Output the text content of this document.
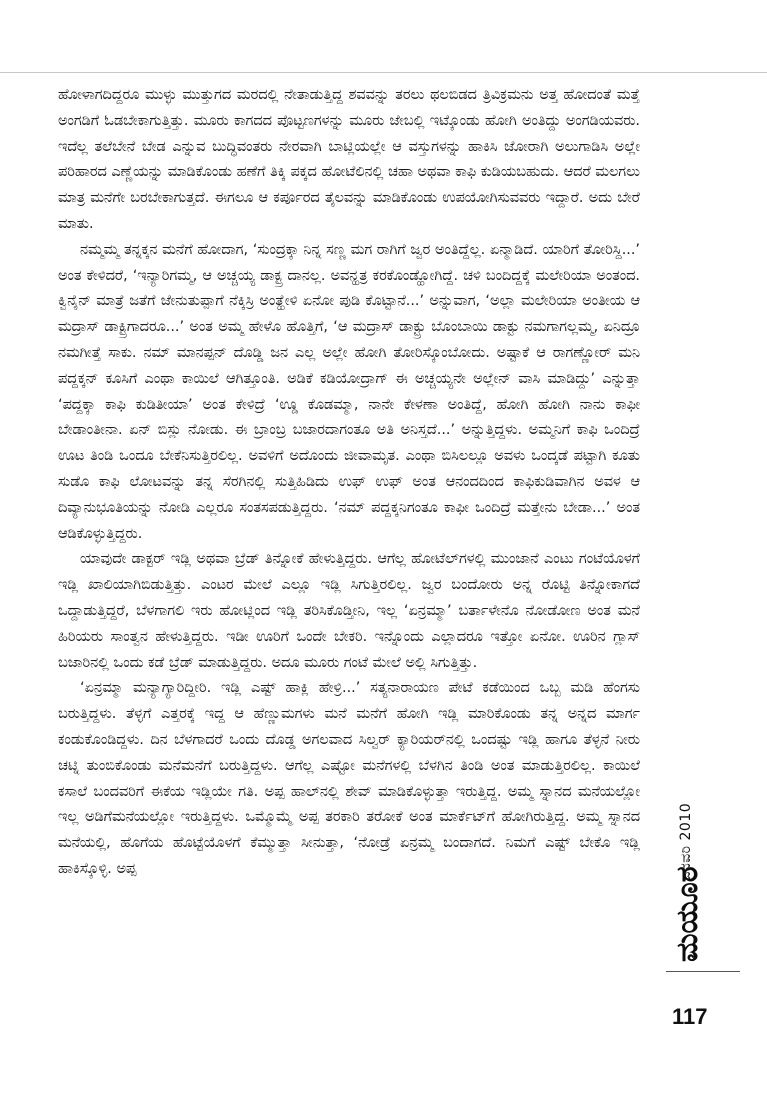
ಹೋಳಾಗದಿದ್ದರೂ ಮುಳ್ಳು ಮುತ್ತುಗದ ಮರದಲ್ಲಿ ನೇತಾಡುತ್ತಿದ್ದ ಶವವನ್ನು ತರಲು ಥಲಬಿಡದ ತ್ರಿವಿಕ್ರಮನು ಅತ್ತ ಹೋದಂತೆ ಮತ್ತೆ ಅಂಗಡಿಗೆ ಓಡಬೇಕಾಗುತ್ತಿತ್ತು. ಮೂರು ಕಾಗದದ ಪೊಟ್ಟಣಗಳನ್ನು ಮೂರು ಜೇಬಲ್ಲಿ ಇಟ್ಕೊಂಡು ಹೋಗಿ ಅಂತಿದ್ದು ಅಂಗಡಿಯವರು. ಇದೆಲ್ಲ ತಲೆಬೇನೆ ಬೇಡ ಎನ್ನುವ ಬುದ್ಧಿವಂತರು ನೇರವಾಗಿ ಬಾಟ್ಲಿಯಲ್ಲೇ ಆ ವಸ್ತುಗಳನ್ನು ಹಾಕಿಸಿ ಜೋರಾಗಿ ಅಲುಗಾಡಿಸಿ ಅಲ್ಲೇ ಪರಿಹಾರದ ಎಣ್ಣೆಯನ್ನು ಮಾಡಿಕೊಂಡು ಹಣೆಗೆ ತಿಕ್ಕಿ ಪಕ್ಕದ ಹೋಟೆಲಿನಲ್ಲಿ ಚಹಾ ಅಥವಾ ಕಾಫಿ ಕುಡಿಯಬಹುದು. ಆದರೆ ಮಲಗಲು ಮಾತ್ರ ಮನೆಗೇ ಬರಬೇಕಾಗುತ್ತದೆ. ಈಗಲೂ ಆ ಕರ್ಪೂರದ ತೈಲವನ್ನು ಮಾಡಿಕೊಂಡು ಉಪಯೋಗಿಸುವವರು ಇದ್ದಾರೆ. ಅದು ಬೇರೆ ಮಾತು.

ನಮ್ಮಮ್ಮ ತನ್ನಕ್ಕನ ಮನೆಗೆ ಹೋದಾಗ, ‘ಸುಂದ್ರಕ್ಕಾ ನಿನ್ನ ಸಣ್ಣ ಮಗ ರಾಗಿಗೆ ಜ್ವರ ಅಂತಿದ್ದೆಲ್ಲ. ಏನ್ಮಾಡಿದೆ. ಯಾರಿಗೆ ತೋರಿಸ್ದಿ...’ ಅಂತ ಕೇಳಿದರೆ, ‘ಇನ್ಯಾರಿಗಮ್ಮ, ಆ ಅಚ್ಚಯ್ಯ ಡಾಕ್ಟ್ರ ದಾನಲ್ಲ. ಅವನ್ಹತ್ರ ಕರಕೊಂಡ್ಹೋಗಿದ್ದೆ. ಚಳಿ ಬಂದಿದ್ದಕ್ಕೆ ಮಲೇರಿಯಾ ಅಂತಂದ. ಕ್ವಿನೈನ್ ಮಾತ್ರೆ ಜತೆಗೆ ಜೇನುತುಪ್ಪಾಗೆ ನೆಕ್ಕಿಸ್ರಿ ಅಂತ್ಹೇಳಿ ಏನೋ ಪುಡಿ ಕೊಟ್ಟಾನೆ...’ ಅನ್ನುವಾಗ, ‘ಅಲ್ಲಾ ಮಲೇರಿಯಾ ಅಂತೀಯ ಆ ಮದ್ರಾಸ್ ಡಾಕ್ಟ್ರಿಗಾದರೂ...’ ಅಂತ ಅಮ್ಮ ಹೇಳೊ ಹೊತ್ತಿಗೆ, ‘ಆ ಮದ್ರಾಸ್ ಡಾಕ್ಟ್ರು ಬೊಂಬಾಯಿ ಡಾಕ್ಟು ನಮಗಾಗಲ್ಲಮ್ಮ, ಏನಿದ್ರೂ ನಮಗೀತ್ತೆ ಸಾಕು. ನಮ್ ಮಾನಪ್ಪನ್ ದೊಡ್ಡಿ ಜನ ಎಲ್ಲ ಅಲ್ಲೇ ಹೋಗಿ ತೋರಿಸ್ಕೊಂಬೋದು. ಅಷ್ಟಾಕೆ ಆ ರಾಗಣ್ಣೋರ್ ಮನಿ ಪದ್ದಕ್ಕನ್ ಕೂಸಿಗೆ ಎಂಥಾ ಕಾಯಿಲೆ ಆಗಿತ್ತೂಂತಿ. ಅಡಿಕೆ ಕಡಿಯೋದ್ರಾಗ್ ಈ ಅಚ್ಚಯ್ಯನೇ ಅಲ್ಲೇನ್ ವಾಸಿ ಮಾಡಿದ್ದು’ ಎನ್ನುತ್ತಾ ‘ಪದ್ದಕ್ಕಾ ಕಾಫಿ ಕುಡಿತೀಯಾ’ ಅಂತ ಕೇಳಿದ್ರೆ ‘ಊ್ಡ ಕೊಡಮ್ಮಾ, ನಾನೇ ಕೇಳಣಾ ಅಂತಿದ್ದೆ, ಹೋಗಿ ಹೋಗಿ ನಾನು ಕಾಫೀ ಬೇಡಾಂತೀನಾ. ಏನ್ ಬಿಸ್ಲು ನೋಡು. ಈ ಬ್ರಾಂಬ್ರ ಬಜಾರದಾಗಂತೂ ಅತಿ ಅನಿಸ್ತದೆ...’ ಅನ್ನುತ್ತಿದ್ದಳು. ಅಮ್ಮನಿಗೆ ಕಾಫಿ ಒಂದಿದ್ರೆ ಊಟ ತಿಂಡಿ ಒಂದೂ ಬೇಕೆನಿಸುತ್ತಿರಲಿಲ್ಲ. ಅವಳಿಗೆ ಅದೊಂದು ಜೀವಾಮೃತ. ಎಂಥಾ ಬಿಸಿಲಲ್ಲೂ ಅವಳು ಒಂದ್ಕಡೆ ಪಟ್ಟಾಗಿ ಕೂತು ಸುಡೊ ಕಾಫಿ ಲೋಟವನ್ನು ತನ್ನ ಸೆರಗಿನಲ್ಲಿ ಸುತ್ತಿಹಿಡಿದು ಉಫ್ ಉಫ್ ಅಂತ ಆನಂದದಿಂದ ಕಾಫಿಕುಡಿವಾಗಿನ ಅವಳ ಆ ದಿವ್ಯಾನುಭೂತಿಯನ್ನು ನೋಡಿ ಎಲ್ಲರೂ ಸಂತಸಪಡುತ್ತಿದ್ದರು. ‘ನಮ್ ಪದ್ದಕ್ಕನಿಗಂತೂ ಕಾಫೀ ಒಂದಿದ್ರೆ ಮತ್ತೇನು ಬೇಡಾ...’ ಅಂತ ಆಡಿಕೊಳ್ಳುತ್ತಿದ್ದರು.

ಯಾವುದೇ ಡಾಕ್ಟರ್ ಇಡ್ಲಿ ಅಥವಾ ಬ್ರೆಡ್ ತಿನ್ನೋಕೆ ಹೇಳುತ್ತಿದ್ದರು. ಆಗೆಲ್ಲ ಹೋಟೆಲ್‌ಗಳಲ್ಲಿ ಮುಂಜಾನೆ ಎಂಟು ಗಂಟೆಯೊಳಗೆ ಇಡ್ಲಿ ಖಾಲಿಯಾಗಿಬಿಡುತ್ತಿತ್ತು. ಎಂಟರ ಮೇಲೆ ಎಲ್ಲೂ ಇಡ್ಲಿ ಸಿಗುತ್ತಿರಲಿಲ್ಲ. ಜ್ವರ ಬಂದೋರು ಅನ್ನ ರೊಟ್ಟಿ ತಿನ್ನೋಕಾಗದೆ ಒದ್ದಾಡುತ್ತಿದ್ದರೆ, ಬೆಳಗಾಗಲಿ ಇರು ಹೋಟ್ಲಿಂದ ಇಡ್ಲಿ ತರಿಸಿಕೊಡ್ತೀನಿ, ಇಲ್ಲ ‘ಏನ್ರಮ್ಮಾ’ ಬರ್ತಾಳೇನೊ ನೋಡೋಣ ಅಂತ ಮನೆ ಹಿರಿಯರು ಸಾಂತ್ವನ ಹೇಳುತ್ತಿದ್ದರು. ಇಡೀ ಊರಿಗೆ ಒಂದೇ ಬೇಕರಿ. ಇನ್ನೊಂದು ಎಲ್ಲಾದರೂ ಇತ್ತೋ ಏನೋ. ಊರಿನ ಗ್ಲಾಸ್ ಬಜಾರಿನಲ್ಲಿ ಒಂದು ಕಡೆ ಬ್ರೆಡ್ ಮಾಡುತ್ತಿದ್ದರು. ಅದೂ ಮೂರು ಗಂಟೆ ಮೇಲೆ ಅಲ್ಲಿ ಸಿಗುತ್ತಿತ್ತು.

‘ಏನ್ರಮ್ಮಾ ಮನ್ಯಾಗ್ಯಾರಿದ್ದೀರಿ. ಇಡ್ಲಿ ಎಷ್ಟ್ ಹಾಕ್ಲಿ ಹೇಳ್ರಿ...’ ಸತ್ಯನಾರಾಯಣ ಪೇಟೆ ಕಡೆಯಿಂದ ಒಬ್ಬ ಮಡಿ ಹೆಂಗಸು ಬರುತ್ತಿದ್ದಳು. ತೆಳ್ಳಗೆ ಎತ್ತರಕ್ಕೆ ಇದ್ದ ಆ ಹೆಣ್ಣುಮಗಳು ಮನೆ ಮನೆಗೆ ಹೋಗಿ ಇಡ್ಲಿ ಮಾರಿಕೊಂಡು ತನ್ನ ಅನ್ನದ ಮಾರ್ಗ ಕಂಡುಕೊಂಡಿದ್ದಳು. ದಿನ ಬೆಳಗಾದರೆ ಒಂದು ದೊಡ್ಡ ಅಗಲವಾದ ಸಿಲ್ವರ್ ಕ್ಯಾರಿಯರ್‌ನಲ್ಲಿ ಒಂದಷ್ಟು ಇಡ್ಲಿ ಹಾಗೂ ತೆಳ್ಳನೆ ನೀರು ಚಟ್ನಿ ತುಂಬಿಕೊಂಡು ಮನೆಮನೆಗೆ ಬರುತ್ತಿದ್ದಳು. ಆಗೆಲ್ಲ ಎಷ್ಟೋ ಮನೆಗಳಲ್ಲಿ ಬೆಳಗಿನ ತಿಂಡಿ ಅಂತ ಮಾಡುತ್ತಿರಲಿಲ್ಲ. ಕಾಯಿಲೆ ಕಸಾಲೆ ಬಂದವರಿಗೆ ಈಕೆಯ ಇಡ್ಲಿಯೇ ಗತಿ. ಅಪ್ಪ ಹಾಲ್‌ನಲ್ಲಿ ಶೇವ್ ಮಾಡಿಕೊಳ್ಳುತ್ತಾ ಇರುತ್ತಿದ್ದ. ಅಮ್ಮ ಸ್ನಾನದ ಮನೆಯಲ್ಲೋ ಇಲ್ಲ ಅಡಿಗೆಮನೆಯಲ್ಲೋ ಇರುತ್ತಿದ್ದಳು. ಒಮ್ಮೊಮ್ಮೆ ಅಪ್ಪ ತರಕಾರಿ ತರೋಕೆ ಅಂತ ಮಾರ್ಕೆಟ್‌ಗೆ ಹೋಗಿರುತ್ತಿದ್ದ. ಅಮ್ಮ ಸ್ನಾನದ ಮನೆಯಲ್ಲಿ, ಹೊಗೆಯ ಹೊಟ್ಟೆಯೊಳಗೆ ಕೆಮ್ಮುತ್ತಾ ಸೀನುತ್ತಾ, ‘ನೋಡ್ರೆ ಏನ್ರಮ್ಮ ಬಂದಾಗದೆ. ನಿಮಗೆ ಎಷ್ಟ್ ಬೇಕೊ ಇಡ್ಲಿ ಹಾಕಿಸ್ಕೊಳ್ಳಿ. ಅಪ್ಪ	ಜನವರಿ 2010
ಮಯೂರ
117
